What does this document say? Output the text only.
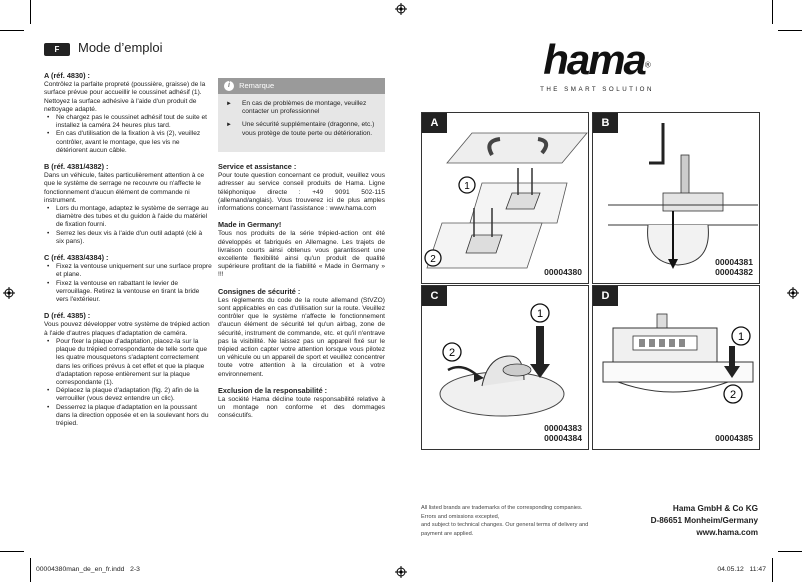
F	Mode d’emploi

A (réf. 4830) :

Contrôlez la parfaite propreté (poussière, graisse) de la surface prévue pour accueillir le coussinet adhésif (1). Nettoyez la surface adhésive à l'aide d'un produit de nettoyage adapté.

• Ne chargez pas le coussinet adhésif tout de suite et installez la caméra 24 heures plus tard.
• En cas d'utilisation de la fixation à vis (2), veuillez contrôler, avant le montage, que les vis ne détériorent aucun câble.

B (réf. 4381/4382) :

Dans un véhicule, faites particulièrement attention à ce que le système de serrage ne recouvre ou n'affecte le fonctionnement d'aucun élément de commande ni instrument.

• Lors du montage, adaptez le système de serrage au diamètre des tubes et du guidon à l'aide du matériel de fixation fourni.
• Serrez les deux vis à l'aide d'un outil adapté (clé à six pans).

C (réf. 4383/4384) :

• Fixez la ventouse uniquement sur une surface propre et plane.
• Fixez la ventouse en rabattant le levier de verrouillage. Retirez la ventouse en tirant la bride vers l'extérieur.

D (réf. 4385) :

Vous pouvez développer votre système de trépied action à l'aide d'autres plaques d'adaptation de caméra.

• Pour fixer la plaque d'adaptation, placez-la sur la plaque du trépied correspondante de telle sorte que les quatre mousquetons s'adaptent correctement dans les orifices prévus à cet effet et que la plaque d'adaptation repose entièrement sur la plaque correspondante (1).
• Déplacez la plaque d'adaptation (fig. 2) afin de la verrouiller (vous devez entendre un clic).
• Desserrez la plaque d'adaptation en la poussant dans la direction opposée et en la soulevant hors du trépied.
i Remarque
► En cas de problèmes de montage, veuillez contacter un professionnel
► Une sécurité supplémentaire (dragonne, etc.) vous protège de toute perte ou détérioration.

Service et assistance :

Pour toute question concernant ce produit, veuillez vous adresser au service conseil produits de Hama. Ligne téléphonique directe : +49 9091 502-115 (allemand/anglais). Vous trouverez ici de plus amples informations concernant l'assistance : www.hama.com

Made in Germany!

Tous nos produits de la série trépied-action ont été développés et fabriqués en Allemagne. Les trajets de livraison courts ainsi obtenus vous garantissent une excellente flexibilité ainsi qu'un produit de qualité supérieure profitant de la fiabilité « Made in Germany » !!!

Consignes de sécurité :

Les règlements du code de la route allemand (StVZO) sont applicables en cas d'utilisation sur la route. Veuillez contrôler que le système n'affecte le fonctionnement d'aucun élément de sécurité tel qu'un airbag, zone de sécurité, instrument de commande, etc. et qu'il n'entrave pas la visibilité. Ne laissez pas un appareil fixé sur le trépied action capter votre attention lorsque vous pilotez un véhicule ou un appareil de sport et veuillez concentrer toute votre attention à la circulation et à votre environnement.

Exclusion de la responsabilité :

La société Hama décline toute responsabilité relative à un montage non conforme et des dommages consécutifs.

hama®
THE SMART SOLUTION
A
1
2
00004380
B
00004381
00004382
C
1
2
00004383
00004384
D
1
2
00004385
All listed brands are trademarks of the corresponding companies.
Errors and omissions excepted,
and subject to technical changes. Our general terms of delivery and
payment are applied.
Hama GmbH & Co KG
D-86651 Monheim/Germany
www.hama.com
00004380man_de_en_fr.indd   2-3	04.05.12   11:47
